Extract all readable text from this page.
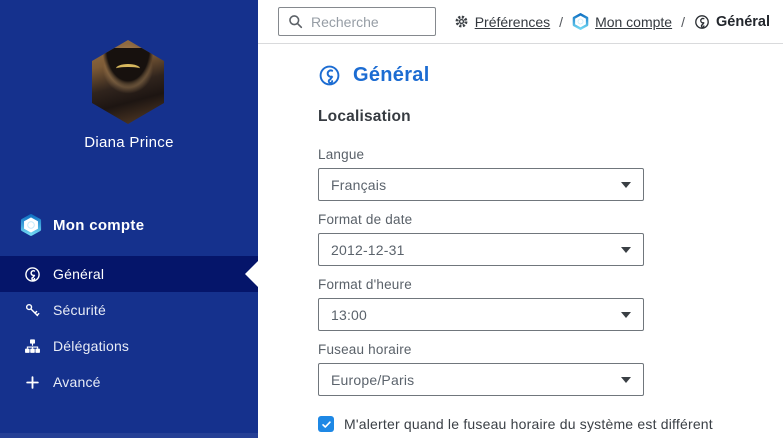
Diana Prince
Mon compte
Général
Sécurité
Délégations
Avancé
Recherche
Préférences / Mon compte / Général
Général
Localisation
Langue
Français
Format de date
2012-12-31
Format d'heure
13:00
Fuseau horaire
Europe/Paris
M'alerter quand le fuseau horaire du système est différent
